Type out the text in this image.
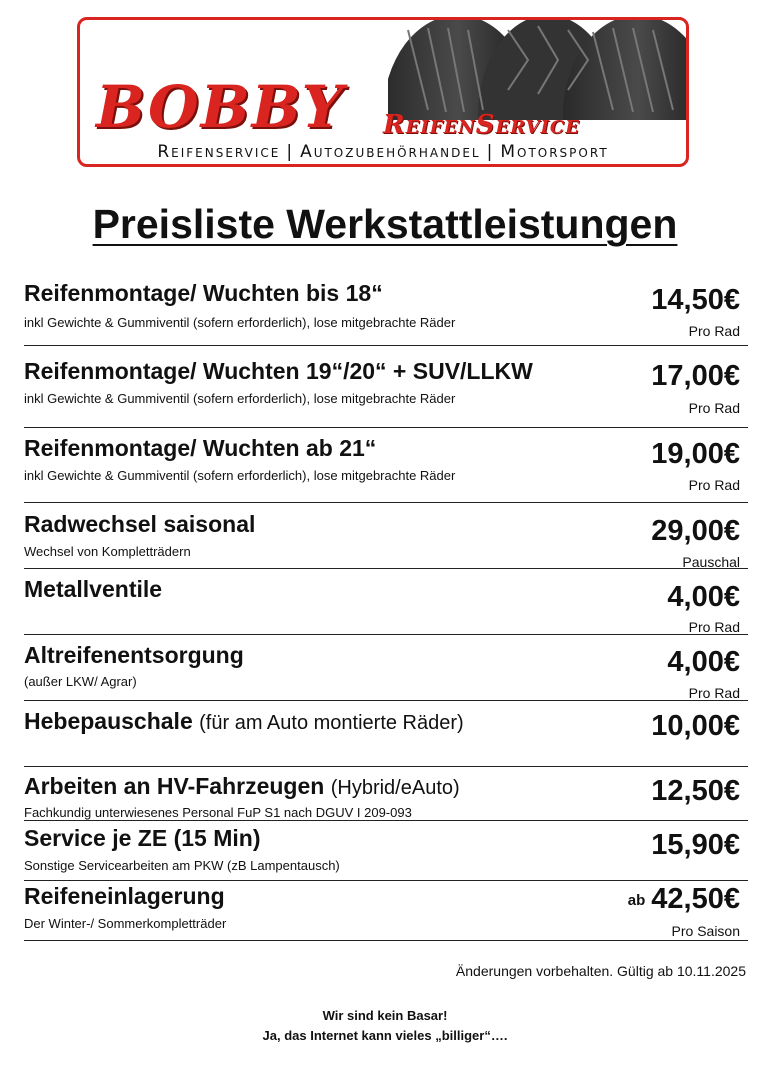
BOBBY ReifenService
Reifenservice | Autozubehörhandel | Motorsport
Preisliste Werkstattleistungen
Reifenmontage/ Wuchten bis 18“
inkl Gewichte & Gummiventil (sofern erforderlich), lose mitgebrachte Räder
14,50€
Pro Rad
Reifenmontage/ Wuchten 19“/20“ + SUV/LLKW
inkl Gewichte & Gummiventil (sofern erforderlich), lose mitgebrachte Räder
17,00€
Pro Rad
Reifenmontage/ Wuchten ab 21“
inkl Gewichte & Gummiventil (sofern erforderlich), lose mitgebrachte Räder
19,00€
Pro Rad
Radwechsel saisonal
Wechsel von Kompletträdern
29,00€
Pauschal
Metallventile	4,00€
Pro Rad
Altreifenentsorgung
(außer LKW/ Agrar)
4,00€
Pro Rad
Hebepauschale (für am Auto montierte Räder)	10,00€
Arbeiten an HV-Fahrzeugen (Hybrid/eAuto)
Fachkundig unterwiesenes Personal FuP S1 nach DGUV I 209-093
12,50€
Service je ZE (15 Min)
Sonstige Servicearbeiten am PKW (zB Lampentausch)
15,90€
Reifeneinlagerung
Der Winter-/ Sommerkompletträder
ab 42,50€
Pro Saison
Änderungen vorbehalten. Gültig ab 10.11.2025
Wir sind kein Basar!
Ja, das Internet kann vieles „billiger“….
